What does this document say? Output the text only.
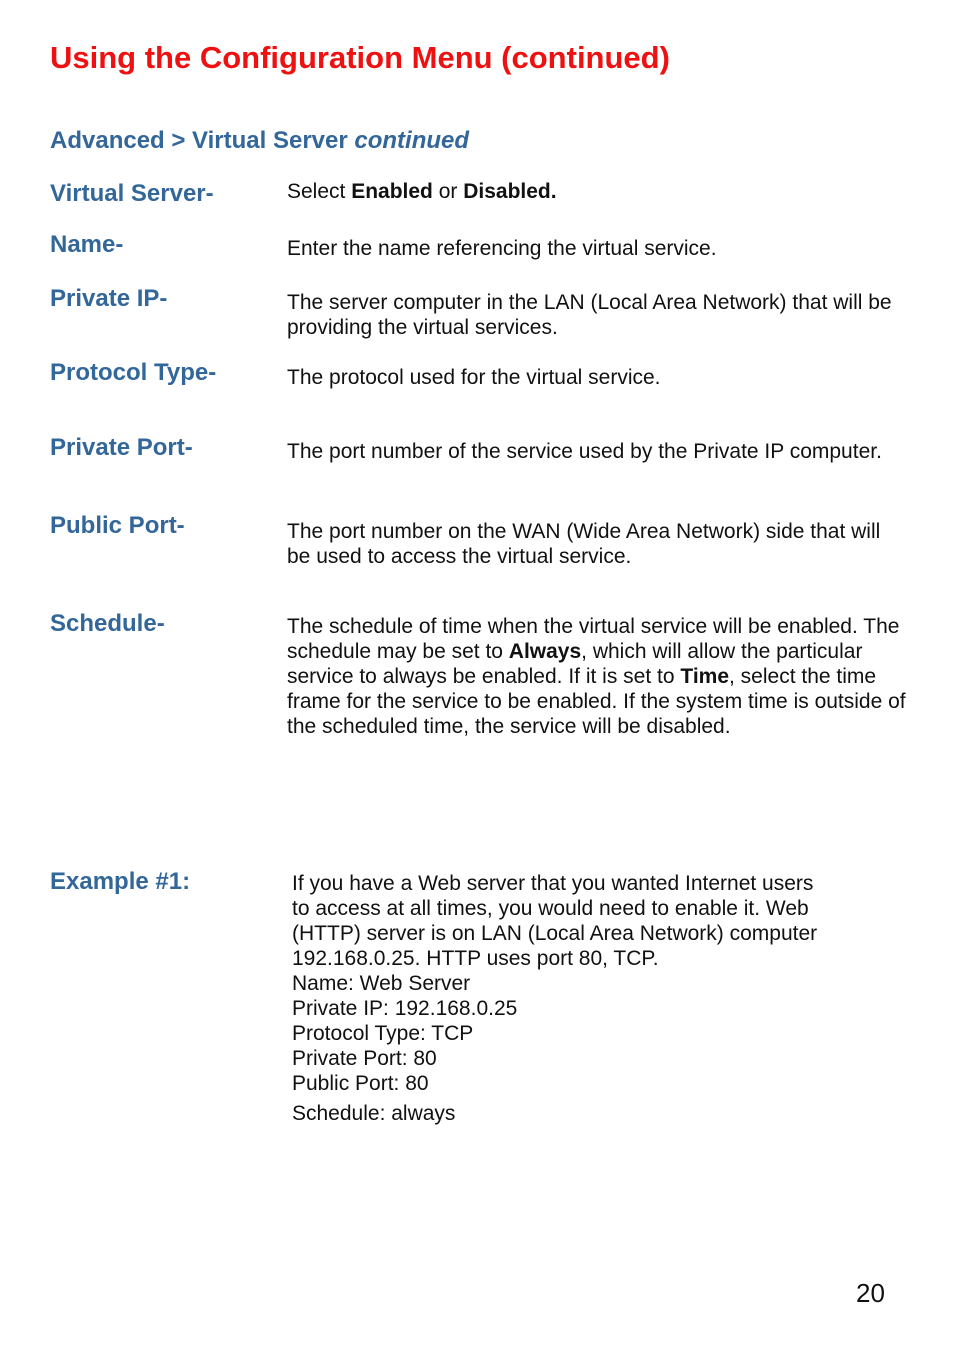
Using the Configuration Menu (continued)
Advanced > Virtual Server continued
Virtual Server-	Select Enabled or Disabled.
Name-	Enter the name referencing the virtual service.
Private IP-	The server computer in the LAN (Local Area Network) that will be providing the virtual services.
Protocol Type-	The protocol used for the virtual service.
Private Port-	The port number of the service used by the Private IP computer.
Public Port-	The port number on the WAN (Wide Area Network) side that will be used to access the virtual service.
Schedule-	The schedule of time when the virtual service will be enabled. The schedule may be set to Always, which will allow the particular service to always be enabled. If it is set to Time, select the time frame for the service to be enabled. If the system time is outside of the scheduled time, the service will be disabled.
Example #1:	If you have a Web server that you wanted Internet users
to access at all times, you would need to enable it. Web
(HTTP) server is on LAN (Local Area Network) computer
192.168.0.25. HTTP uses port 80, TCP.
Name: Web Server
Private IP: 192.168.0.25
Protocol Type: TCP
Private Port: 80
Public Port: 80
Schedule: always
20
